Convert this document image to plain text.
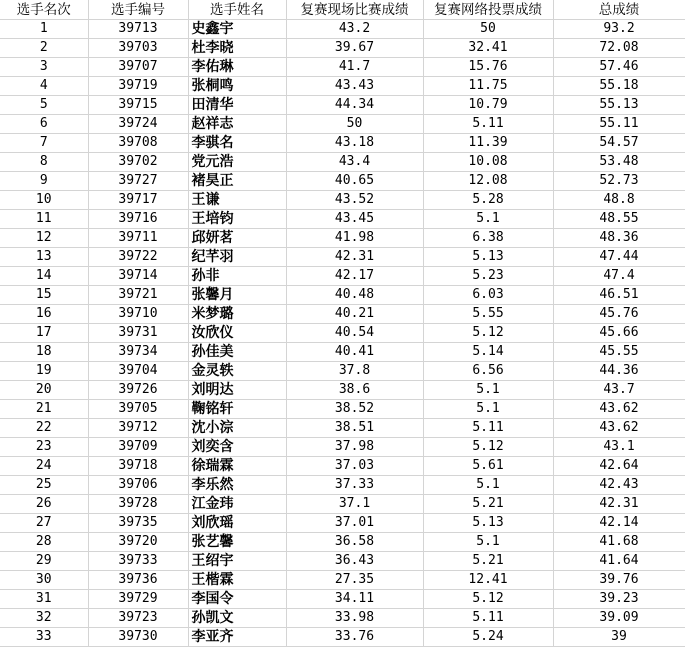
选手名次	选手编号	选手姓名	复赛现场比赛成绩	复赛网络投票成绩	总成绩
1	39713	史鑫宇	43.2	50	93.2
2	39703	杜李晓	39.67	32.41	72.08
3	39707	李佑琳	41.7	15.76	57.46
4	39719	张桐鸣	43.43	11.75	55.18
5	39715	田清华	44.34	10.79	55.13
6	39724	赵祥志	50	5.11	55.11
7	39708	李骐名	43.18	11.39	54.57
8	39702	党元浩	43.4	10.08	53.48
9	39727	褚昊正	40.65	12.08	52.73
10	39717	王谦	43.52	5.28	48.8
11	39716	王培钧	43.45	5.1	48.55
12	39711	邱妍茗	41.98	6.38	48.36
13	39722	纪芊羽	42.31	5.13	47.44
14	39714	孙非	42.17	5.23	47.4
15	39721	张馨月	40.48	6.03	46.51
16	39710	米梦璐	40.21	5.55	45.76
17	39731	汝欣仪	40.54	5.12	45.66
18	39734	孙佳美	40.41	5.14	45.55
19	39704	金灵轶	37.8	6.56	44.36
20	39726	刘明达	38.6	5.1	43.7
21	39705	鞠铭轩	38.52	5.1	43.62
22	39712	沈小淙	38.51	5.11	43.62
23	39709	刘奕含	37.98	5.12	43.1
24	39718	徐瑞霖	37.03	5.61	42.64
25	39706	李乐然	37.33	5.1	42.43
26	39728	江金玮	37.1	5.21	42.31
27	39735	刘欣瑶	37.01	5.13	42.14
28	39720	张艺馨	36.58	5.1	41.68
29	39733	王绍宇	36.43	5.21	41.64
30	39736	王楷霖	27.35	12.41	39.76
31	39729	李国令	34.11	5.12	39.23
32	39723	孙凯文	33.98	5.11	39.09
33	39730	李亚齐	33.76	5.24	39
